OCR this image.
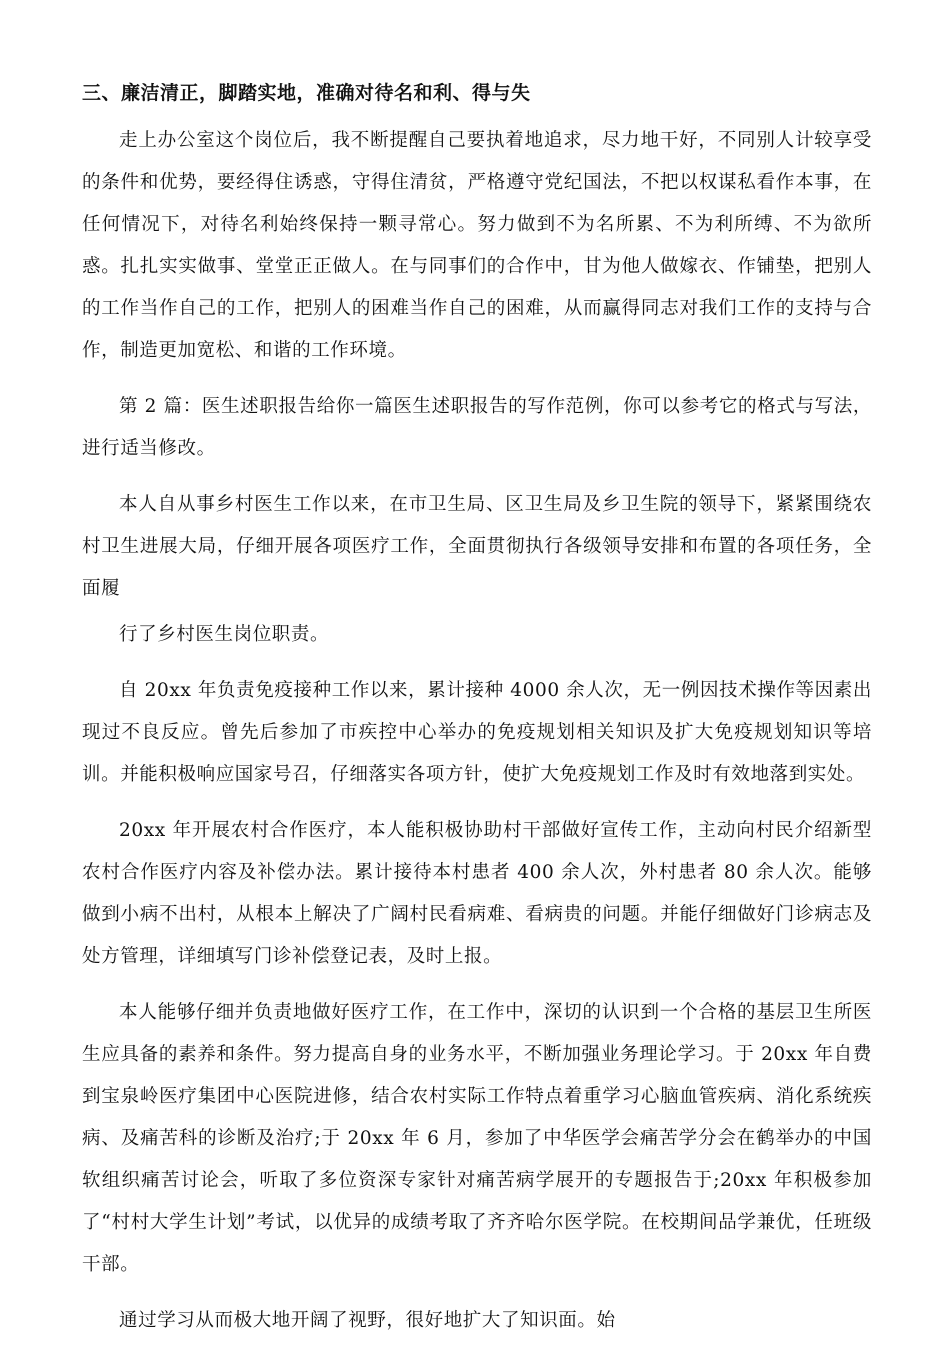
三、廉洁清正，脚踏实地，准确对待名和利、得与失

走上办公室这个岗位后，我不断提醒自己要执着地追求，尽力地干好，不同别人计较享受的条件和优势，要经得住诱惑，守得住清贫，严格遵守党纪国法，不把以权谋私看作本事，在任何情况下，对待名利始终保持一颗寻常心。努力做到不为名所累、不为利所缚、不为欲所惑。扎扎实实做事、堂堂正正做人。在与同事们的合作中，甘为他人做嫁衣、作铺垫，把别人的工作当作自己的工作，把别人的困难当作自己的困难，从而赢得同志对我们工作的支持与合作，制造更加宽松、和谐的工作环境。

第 2 篇：医生述职报告给你一篇医生述职报告的写作范例，你可以参考它的格式与写法，进行适当修改。

本人自从事乡村医生工作以来，在市卫生局、区卫生局及乡卫生院的领导下，紧紧围绕农村卫生进展大局，仔细开展各项医疗工作，全面贯彻执行各级领导安排和布置的各项任务，全面履

行了乡村医生岗位职责。

自 20xx 年负责免疫接种工作以来，累计接种 4000 余人次，无一例因技术操作等因素出现过不良反应。曾先后参加了市疾控中心举办的免疫规划相关知识及扩大免疫规划知识等培训。并能积极响应国家号召，仔细落实各项方针，使扩大免疫规划工作及时有效地落到实处。

20xx 年开展农村合作医疗，本人能积极协助村干部做好宣传工作，主动向村民介绍新型农村合作医疗内容及补偿办法。累计接待本村患者 400 余人次，外村患者 80 余人次。能够做到小病不出村，从根本上解决了广阔村民看病难、看病贵的问题。并能仔细做好门诊病志及处方管理，详细填写门诊补偿登记表，及时上报。

本人能够仔细并负责地做好医疗工作，在工作中，深切的认识到一个合格的基层卫生所医生应具备的素养和条件。努力提高自身的业务水平，不断加强业务理论学习。于 20xx 年自费到宝泉岭医疗集团中心医院进修，结合农村实际工作特点着重学习心脑血管疾病、消化系统疾病、及痛苦科的诊断及治疗;于 20xx 年 6 月，参加了中华医学会痛苦学分会在鹤举办的中国软组织痛苦讨论会，听取了多位资深专家针对痛苦病学展开的专题报告于;20xx 年积极参加了“村村大学生计划”考试，以优异的成绩考取了齐齐哈尔医学院。在校期间品学兼优，任班级干部。

通过学习从而极大地开阔了视野，很好地扩大了知识面。始
